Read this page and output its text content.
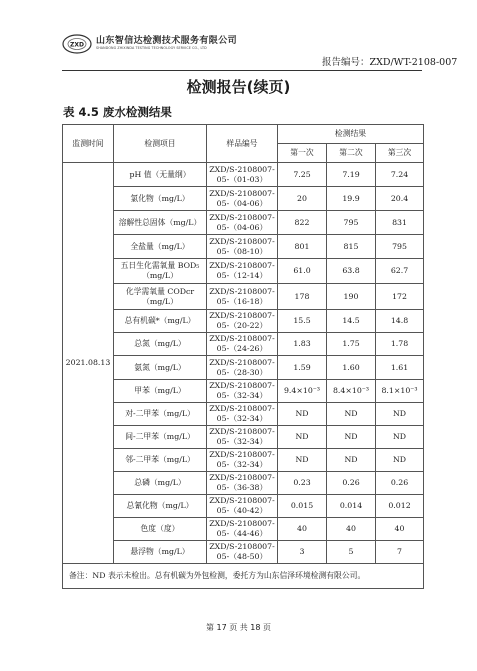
ZXD 山东智信达检测技术服务有限公司
SHANDONG ZHIXINDA TESTING TECHNOLOGY SERVICE CO., LTD
报告编号：ZXD/WT-2108-007
检测报告(续页)
表 4.5 废水检测结果
监测时间	检测项目	样品编号	检测结果		
			第一次	第二次	第三次
2021.08.13	pH 值（无量纲）	ZXD/S-2108007-05-（01-03）	7.25	7.19	7.24
	氯化物（mg/L）	ZXD/S-2108007-05-（04-06）	20	19.9	20.4
	溶解性总固体（mg/L）	ZXD/S-2108007-05-（04-06）	822	795	831
	全盐量（mg/L）	ZXD/S-2108007-05-（08-10）	801	815	795
	五日生化需氧量 BOD₅（mg/L）	ZXD/S-2108007-05-（12-14）	61.0	63.8	62.7
	化学需氧量 CODcr（mg/L）	ZXD/S-2108007-05-（16-18）	178	190	172
	总有机碳*（mg/L）	ZXD/S-2108007-05-（20-22）	15.5	14.5	14.8
	总氮（mg/L）	ZXD/S-2108007-05-（24-26）	1.83	1.75	1.78
	氨氮（mg/L）	ZXD/S-2108007-05-（28-30）	1.59	1.60	1.61
	甲苯（mg/L）	ZXD/S-2108007-05-（32-34）	9.4×10⁻³	8.4×10⁻³	8.1×10⁻³
	对-二甲苯（mg/L）	ZXD/S-2108007-05-（32-34）	ND	ND	ND
	间-二甲苯（mg/L）	ZXD/S-2108007-05-（32-34）	ND	ND	ND
	邻-二甲苯（mg/L）	ZXD/S-2108007-05-（32-34）	ND	ND	ND
	总磷（mg/L）	ZXD/S-2108007-05-（36-38）	0.23	0.26	0.26
	总氰化物（mg/L）	ZXD/S-2108007-05-（40-42）	0.015	0.014	0.012
	色度（度）	ZXD/S-2108007-05-（44-46）	40	40	40
	悬浮物（mg/L）	ZXD/S-2108007-05-（48-50）	3	5	7
备注：ND 表示未检出。总有机碳为外包检测，委托方为山东信泽环境检测有限公司。					
第 17 页 共 18 页
